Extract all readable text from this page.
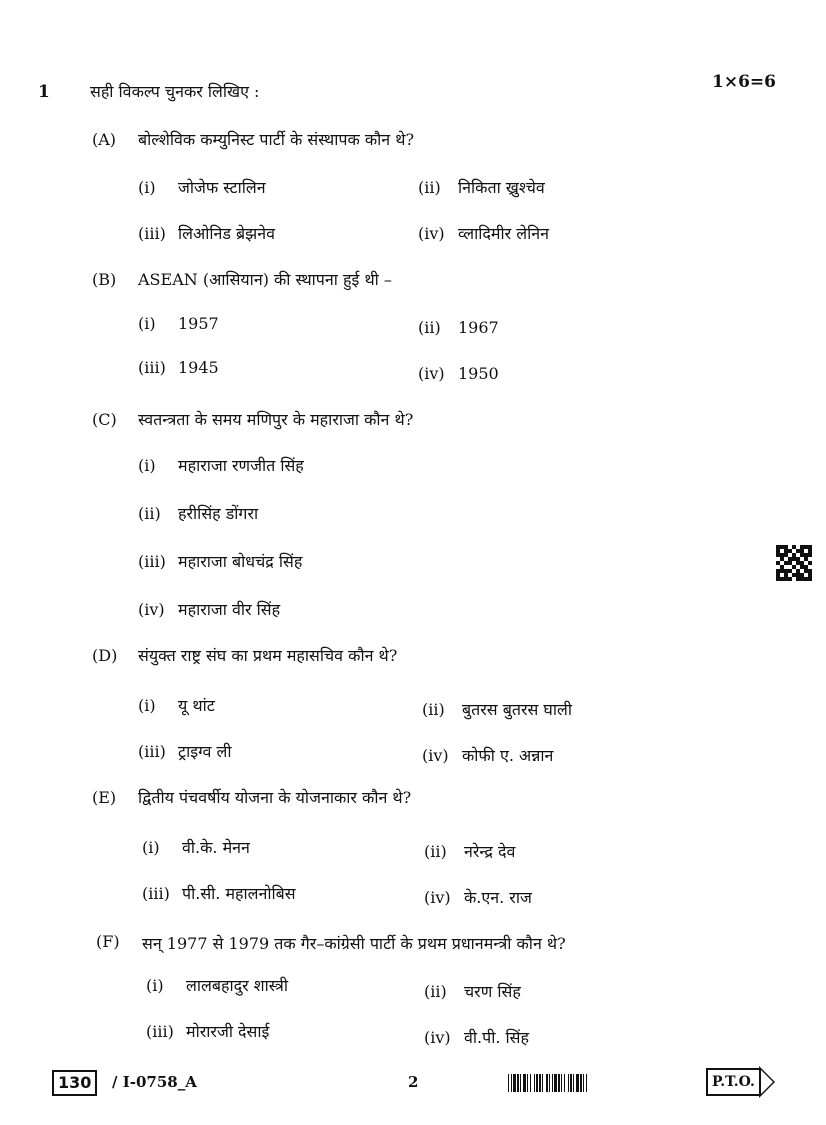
1	सही विकल्प चुनकर लिखिए :	1×6=6
(A) बोल्शेविक कम्युनिस्ट पार्टी के संस्थापक कौन थे?
(i) जोजेफ स्टालिन	(ii) निकिता ख्रुश्चेव
(iii) लिओनिड ब्रेझनेव	(iv) व्लादिमीर लेनिन
(B) ASEAN (आसियान) की स्थापना हुई थी –
(i) 1957	(ii) 1967
(iii) 1945	(iv) 1950
(C) स्वतन्त्रता के समय मणिपुर के महाराजा कौन थे?
(i) महाराजा रणजीत सिंह
(ii) हरीसिंह डोंगरा
(iii) महाराजा बोधचंद्र सिंह
(iv) महाराजा वीर सिंह
(D) संयुक्त राष्ट्र संघ का प्रथम महासचिव कौन थे?
(i) यू थांट	(ii) बुतरस बुतरस घाली
(iii) ट्राइग्व ली	(iv) कोफी ए. अन्नान
(E) द्वितीय पंचवर्षीय योजना के योजनाकार कौन थे?
(i) वी.के. मेनन	(ii) नरेन्द्र देव
(iii) पी.सी. महालनोबिस	(iv) के.एन. राज
(F) सन् 1977 से 1979 तक गैर–कांग्रेसी पार्टी के प्रथम प्रधानमन्त्री कौन थे?
(i) लालबहादुर शास्त्री	(ii) चरण सिंह
(iii) मोरारजी देसाई	(iv) वी.पी. सिंह
130	/ I-0758_A	2	P.T.O.
